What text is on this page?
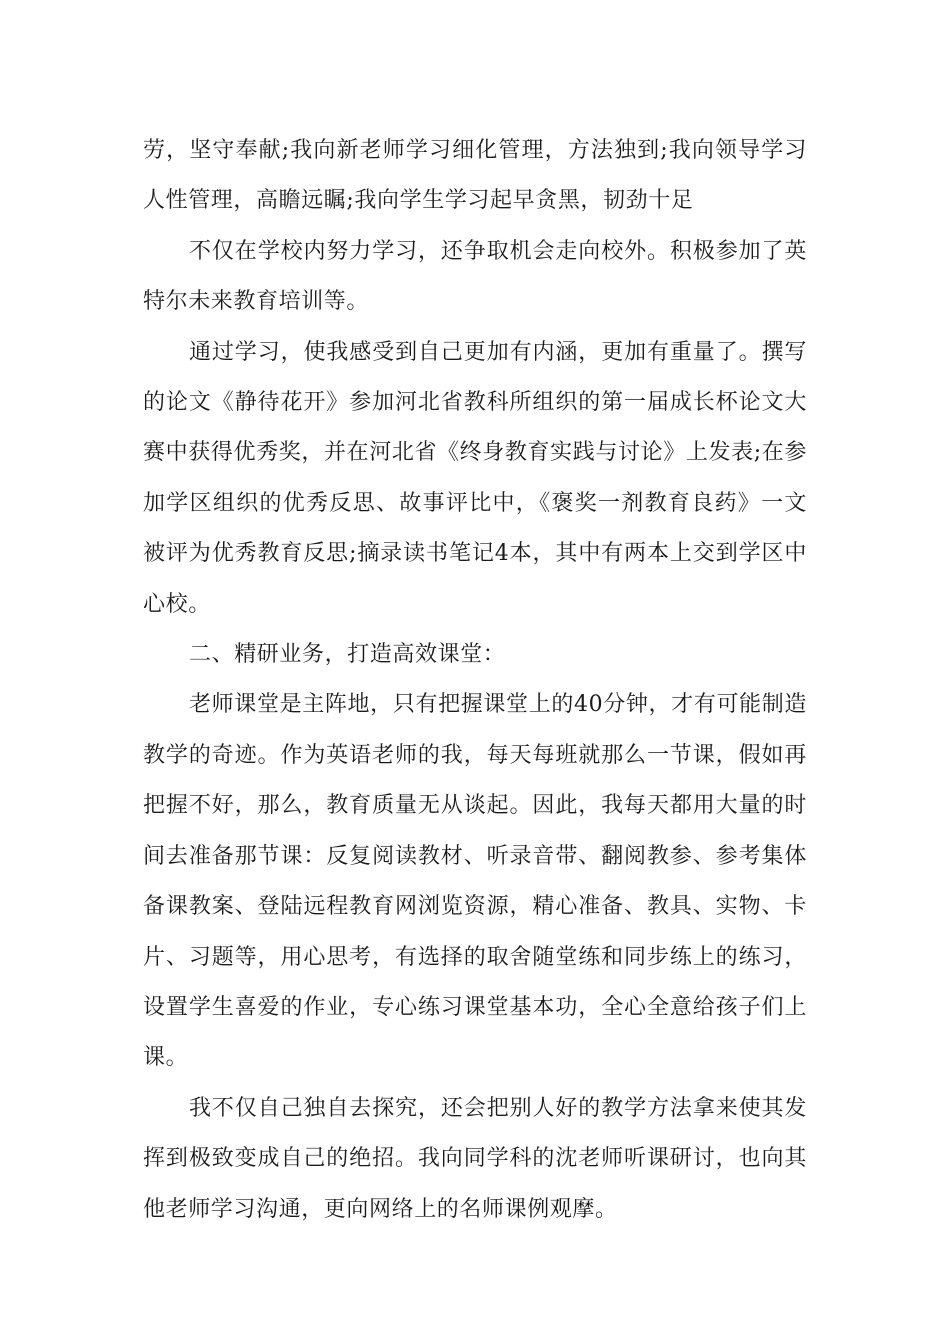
劳，坚守奉献;我向新老师学习细化管理，方法独到;我向领导学习人性管理，高瞻远瞩;我向学生学习起早贪黑，韧劲十足

不仅在学校内努力学习，还争取机会走向校外。积极参加了英特尔未来教育培训等。

通过学习，使我感受到自己更加有内涵，更加有重量了。撰写的论文《静待花开》参加河北省教科所组织的第一届成长杯论文大赛中获得优秀奖，并在河北省《终身教育实践与讨论》上发表;在参加学区组织的优秀反思、故事评比中，《褒奖一剂教育良药》一文被评为优秀教育反思;摘录读书笔记4本，其中有两本上交到学区中心校。

二、精研业务，打造高效课堂：

老师课堂是主阵地，只有把握课堂上的40分钟，才有可能制造教学的奇迹。作为英语老师的我，每天每班就那么一节课，假如再把握不好，那么，教育质量无从谈起。因此，我每天都用大量的时间去准备那节课：反复阅读教材、听录音带、翻阅教参、参考集体备课教案、登陆远程教育网浏览资源，精心准备、教具、实物、卡片、习题等，用心思考，有选择的取舍随堂练和同步练上的练习，设置学生喜爱的作业，专心练习课堂基本功，全心全意给孩子们上课。

我不仅自己独自去探究，还会把别人好的教学方法拿来使其发挥到极致变成自己的绝招。我向同学科的沈老师听课研讨，也向其他老师学习沟通，更向网络上的名师课例观摩。
